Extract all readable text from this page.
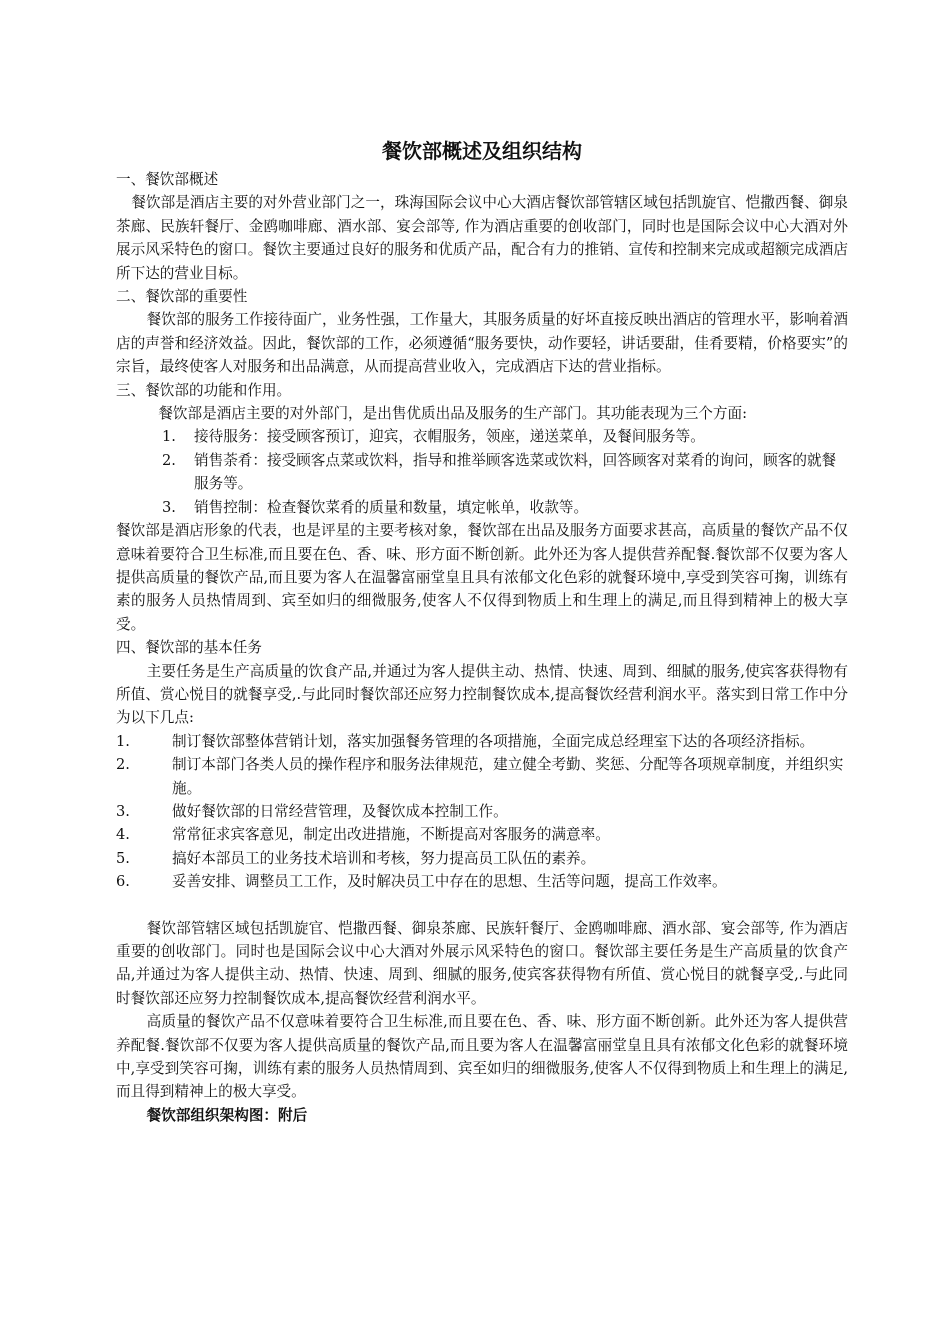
餐饮部概述及组织结构
一、餐饮部概述

餐饮部是酒店主要的对外营业部门之一，珠海国际会议中心大酒店餐饮部管辖区域包括凯旋官、恺撒西餐、御泉茶廊、民族轩餐厅、金鸥咖啡廊、酒水部、宴会部等, 作为酒店重要的创收部门，同时也是国际会议中心大酒对外展示风采特色的窗口。餐饮主要通过良好的服务和优质产品，配合有力的推销、宣传和控制来完成或超额完成酒店所下达的营业目标。

二、餐饮部的重要性

餐饮部的服务工作接待面广，业务性强，工作量大，其服务质量的好坏直接反映出酒店的管理水平，影响着酒店的声誉和经济效益。因此，餐饮部的工作，必须遵循“服务要快，动作要轻，讲话要甜，佳肴要精，价格要实”的宗旨，最终使客人对服务和出品满意，从而提高营业收入，完成酒店下达的营业指标。

三、餐饮部的功能和作用。

餐饮部是酒店主要的对外部门，是出售优质出品及服务的生产部门。其功能表现为三个方面:

1. 接待服务：接受顾客预订，迎宾，衣帽服务，领座，递送菜单，及餐间服务等。
2. 销售荼肴：接受顾客点菜或饮料，指导和推举顾客选菜或饮料，回答顾客对菜肴的询问，顾客的就餐服务等。
3. 销售控制：检查餐饮菜肴的质量和数量，填定帐单，收款等。

餐饮部是酒店形象的代表，也是评星的主要考核对象，餐饮部在出品及服务方面要求甚高，高质量的餐饮产品不仅意味着要符合卫生标准,而且要在色、香、味、形方面不断创新。此外还为客人提供营养配餐.餐饮部不仅要为客人提供高质量的餐饮产品,而且要为客人在温馨富丽堂皇且具有浓郁文化色彩的就餐环境中,享受到笑容可掬，训练有素的服务人员热情周到、宾至如归的细微服务,使客人不仅得到物质上和生理上的满足,而且得到精神上的极大享受。

四、餐饮部的基本任务

主要任务是生产高质量的饮食产品,并通过为客人提供主动、热情、快速、周到、细腻的服务,使宾客获得物有所值、赏心悦目的就餐享受,.与此同时餐饮部还应努力控制餐饮成本,提高餐饮经营利润水平。落实到日常工作中分为以下几点:

1.	制订餐饮部整体营销计划，落实加强餐务管理的各项措施，全面完成总经理室下达的各项经济指标。
2.	制订本部门各类人员的操作程序和服务法律规范，建立健全考勤、奖惩、分配等各项规章制度，并组织实施。
3.	做好餐饮部的日常经营管理，及餐饮成本控制工作。
4.	常常征求宾客意见，制定出改进措施，不断提高对客服务的满意率。
5.	搞好本部员工的业务技术培训和考核，努力提高员工队伍的素养。
6.	妥善安排、调整员工工作，及时解决员工中存在的思想、生活等问题，提高工作效率。

餐饮部管辖区域包括凯旋官、恺撒西餐、御泉茶廊、民族轩餐厅、金鸥咖啡廊、酒水部、宴会部等, 作为酒店重要的创收部门。同时也是国际会议中心大酒对外展示风采特色的窗口。餐饮部主要任务是生产高质量的饮食产品,并通过为客人提供主动、热情、快速、周到、细腻的服务,使宾客获得物有所值、赏心悦目的就餐享受,.与此同时餐饮部还应努力控制餐饮成本,提高餐饮经营利润水平。

高质量的餐饮产品不仅意味着要符合卫生标准,而且要在色、香、味、形方面不断创新。此外还为客人提供营养配餐.餐饮部不仅要为客人提供高质量的餐饮产品,而且要为客人在温馨富丽堂皇且具有浓郁文化色彩的就餐环境中,享受到笑容可掬，训练有素的服务人员热情周到、宾至如归的细微服务,使客人不仅得到物质上和生理上的满足,而且得到精神上的极大享受。

餐饮部组织架构图：附后
